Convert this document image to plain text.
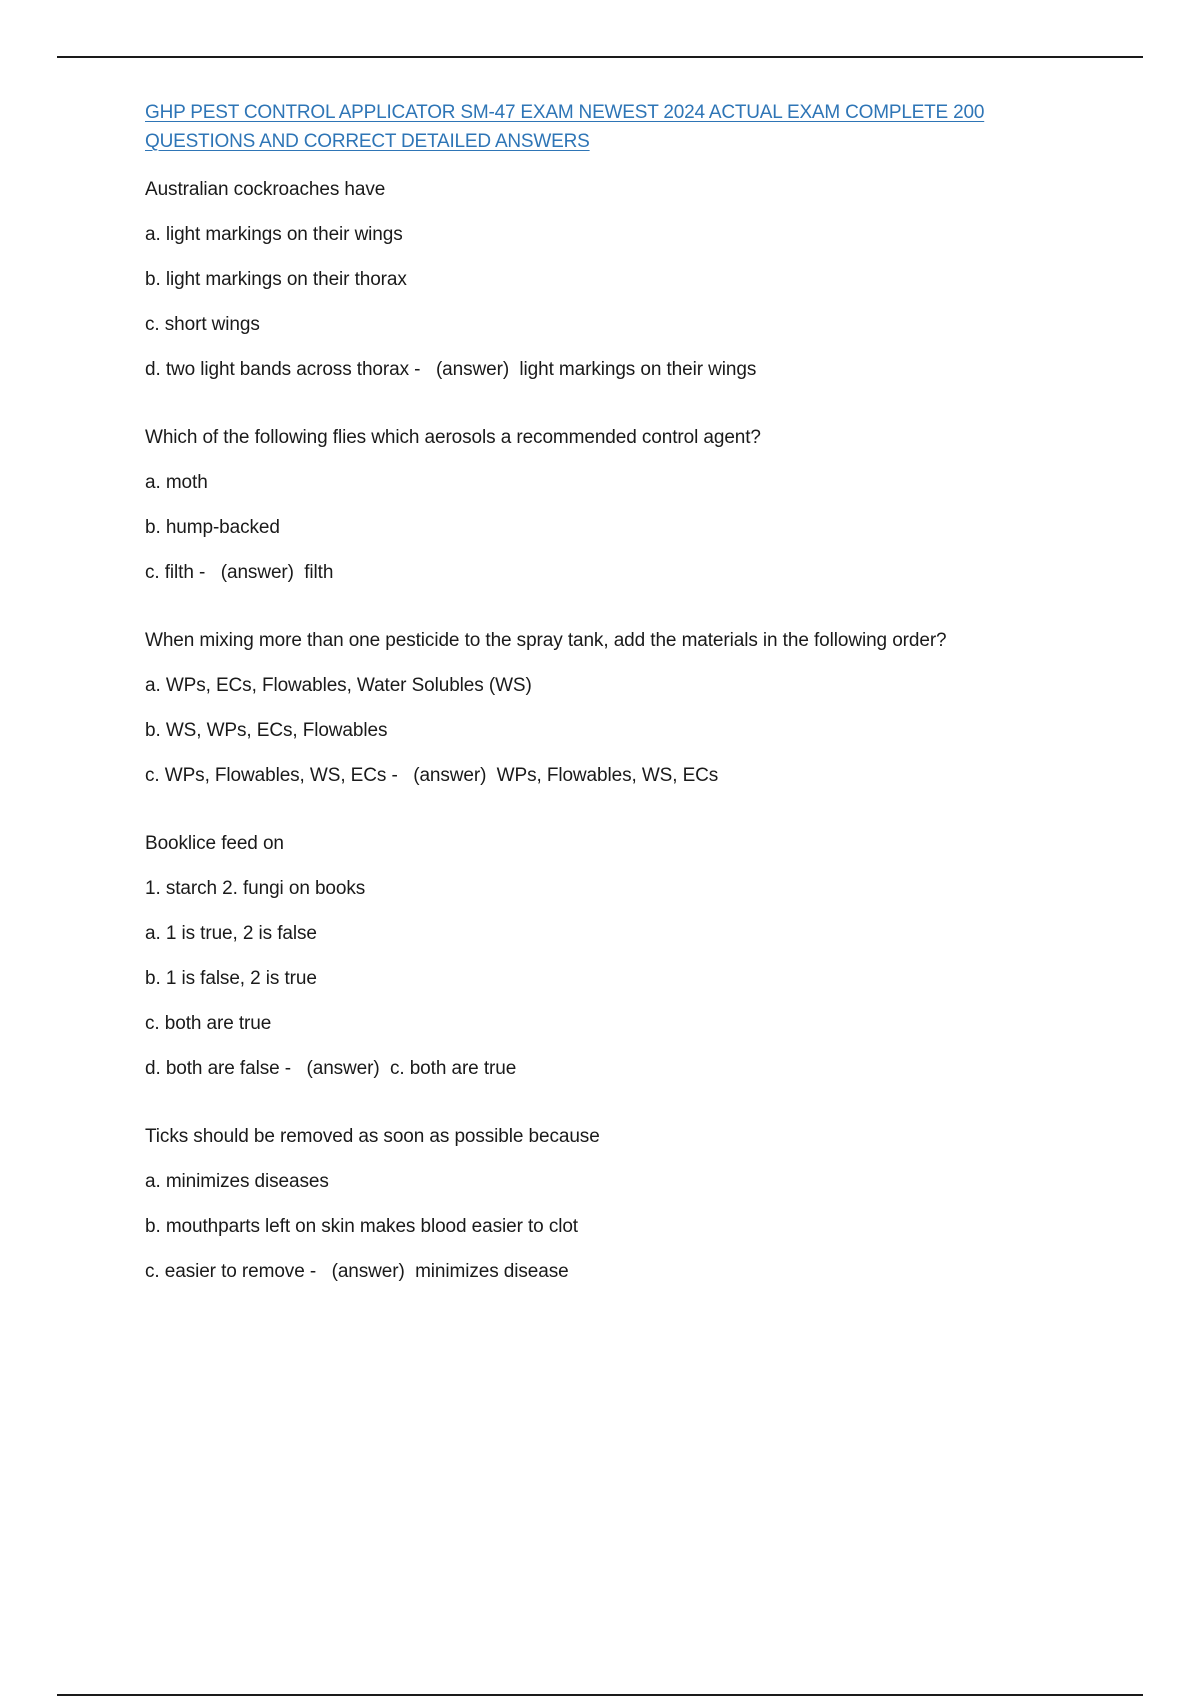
GHP PEST CONTROL APPLICATOR SM-47 EXAM NEWEST 2024 ACTUAL EXAM COMPLETE 200 QUESTIONS AND CORRECT DETAILED ANSWERS
Australian cockroaches have
a. light markings on their wings
b. light markings on their thorax
c. short wings
d. two light bands across thorax -   (answer)  light markings on their wings
Which of the following flies which aerosols a recommended control agent?
a. moth
b. hump-backed
c. filth -   (answer)  filth
When mixing more than one pesticide to the spray tank, add the materials in the following order?
a. WPs, ECs, Flowables, Water Solubles (WS)
b. WS, WPs, ECs, Flowables
c. WPs, Flowables, WS, ECs -   (answer)  WPs, Flowables, WS, ECs
Booklice feed on
1. starch 2. fungi on books
a. 1 is true, 2 is false
b. 1 is false, 2 is true
c. both are true
d. both are false -   (answer)  c. both are true
Ticks should be removed as soon as possible because
a. minimizes diseases
b. mouthparts left on skin makes blood easier to clot
c. easier to remove -   (answer)  minimizes disease
